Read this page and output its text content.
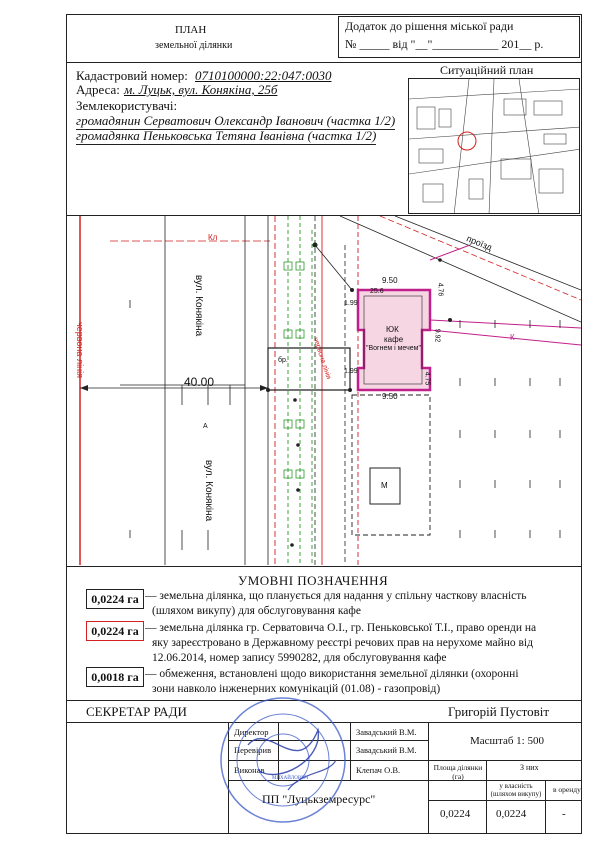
ПЛАН
земельної ділянки
Додаток до рішення міської ради
№ _____ від "__"___________ 201__ р.
Кадастровий номер: 0710100000:22:047:0030
Адреса: м. Луцьк, вул. Конякіна, 25б
Землекористувачі:
громадянин Серватович Олександр Іванович (частка 1/2)
громадянка Пеньковська Тетяна Іванівна (частка 1/2)
Ситуаційний план
40.00
9.50
9.50
4.76
4.75
1.99
1.99
9.92
25.6
ЮК
кафе
"Вогнем і мечем"
вул. Конякіна
вул. Конякіна
червона лінія	червона лінія
проїзд
Кл
К
бр.
М
А
УМОВНІ ПОЗНАЧЕННЯ
0,0224 га — земельна ділянка, що планується для надання у спільну часткову власність
(шляхом викупу) для обслуговування кафе
0,0224 га — земельна ділянка гр. Серватовича О.І., гр. Пеньковської Т.І., право оренди на
яку зареєстровано в Державному реєстрі речових прав на нерухоме майно від
12.06.2014, номер запису 5990282, для обслуговування кафе
0,0018 га — обмеження, встановлені щодо використання земельної ділянки (охоронні
зони навколо інженерних комунікацій (01.08) - газопровід)
СЕКРЕТАР РАДИ	Григорій Пустовіт
Директор	Завадський В.М.
Перевірив	Завадський В.М.
Виконав	Клепач О.В.
Масштаб 1: 500
Площа ділянки (га)
З них
у власність (шляхом викупу)	в оренду
0,0224 0,0224	-
ПП "Луцькземресурс"
МИХАЙЛОВИЧ
